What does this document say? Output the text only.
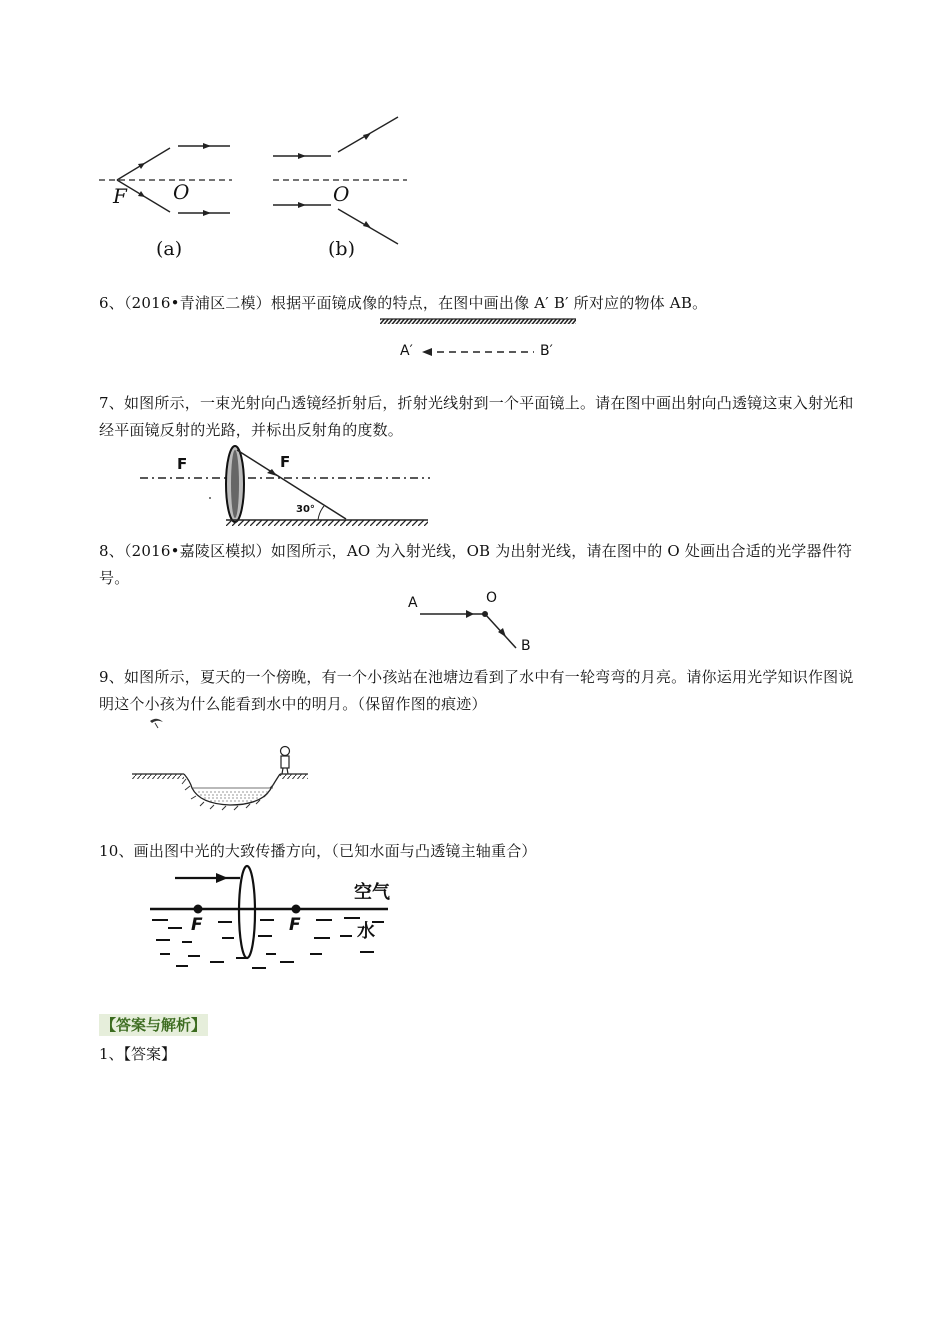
F O	O
(a)	(b)
6、（2016•青浦区二模）根据平面镜成像的特点，在图中画出像 A′ B′ 所对应的物体 AB。
A′	B′
7、如图所示，一束光射向凸透镜经折射后，折射光线射到一个平面镜上。请在图中画出射向凸透镜这束入射光和经平面镜反射的光路，并标出反射角的度数。
F	F
30°
8、（2016•嘉陵区模拟）如图所示，AO 为入射光线，OB 为出射光线，请在图中的 O 处画出合适的光学器件符号。
A	O
B
9、如图所示，夏天的一个傍晚，有一个小孩站在池塘边看到了水中有一轮弯弯的月亮。请你运用光学知识作图说明这个小孩为什么能看到水中的明月。（保留作图的痕迹）
10、画出图中光的大致传播方向，（已知水面与凸透镜主轴重合）
F	F
空气
水
【答案与解析】
1、【答案】
